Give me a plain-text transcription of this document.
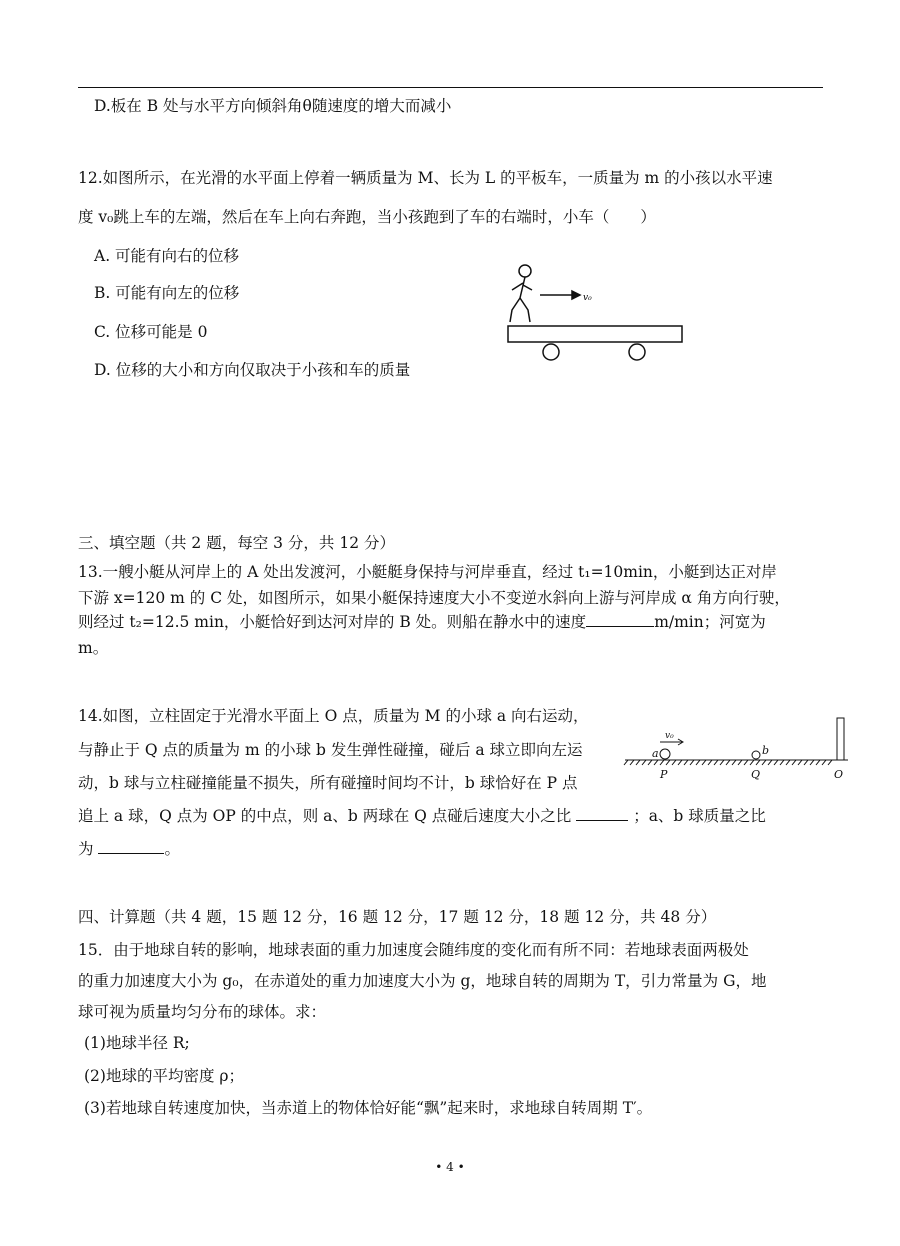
D.板在 B 处与水平方向倾斜角θ随速度的增大而减小
12.如图所示，在光滑的水平面上停着一辆质量为 M、长为 L 的平板车，一质量为 m 的小孩以水平速
度 v₀跳上车的左端，然后在车上向右奔跑，当小孩跑到了车的右端时，小车（　　）
A. 可能有向右的位移
B. 可能有向左的位移
C. 位移可能是 0
D. 位移的大小和方向仅取决于小孩和车的质量
v₀
三、填空题（共 2 题，每空 3 分，共 12 分）
13.一艘小艇从河岸上的 A 处出发渡河，小艇艇身保持与河岸垂直，经过 t₁=10min，小艇到达正对岸
下游 x=120 m 的 C 处，如图所示，如果小艇保持速度大小不变逆水斜向上游与河岸成 α 角方向行驶，
则经过 t₂=12.5 min，小艇恰好到达河对岸的 B 处。则船在静水中的速度	m/min；河宽为
m。
14.如图，立柱固定于光滑水平面上 O 点，质量为 M 的小球 a 向右运动，
与静止于 Q 点的质量为 m 的小球 b 发生弹性碰撞，碰后 a 球立即向左运
动，b 球与立柱碰撞能量不损失，所有碰撞时间均不计，b 球恰好在 P 点
追上 a 球，Q 点为 OP 的中点，则 a、b 两球在 Q 点碰后速度大小之比	；a、b 球质量之比
为	。
v₀
a	b
P	Q	O
四、计算题（共 4 题，15 题 12 分，16 题 12 分，17 题 12 分，18 题 12 分，共 48 分）
15．由于地球自转的影响，地球表面的重力加速度会随纬度的变化而有所不同：若地球表面两极处
的重力加速度大小为 g₀，在赤道处的重力加速度大小为 g，地球自转的周期为 T，引力常量为 G，地
球可视为质量均匀分布的球体。求：
(1)地球半径 R;
(2)地球的平均密度 ρ；
(3)若地球自转速度加快，当赤道上的物体恰好能“飘”起来时，求地球自转周期 T′。
• 4 •
